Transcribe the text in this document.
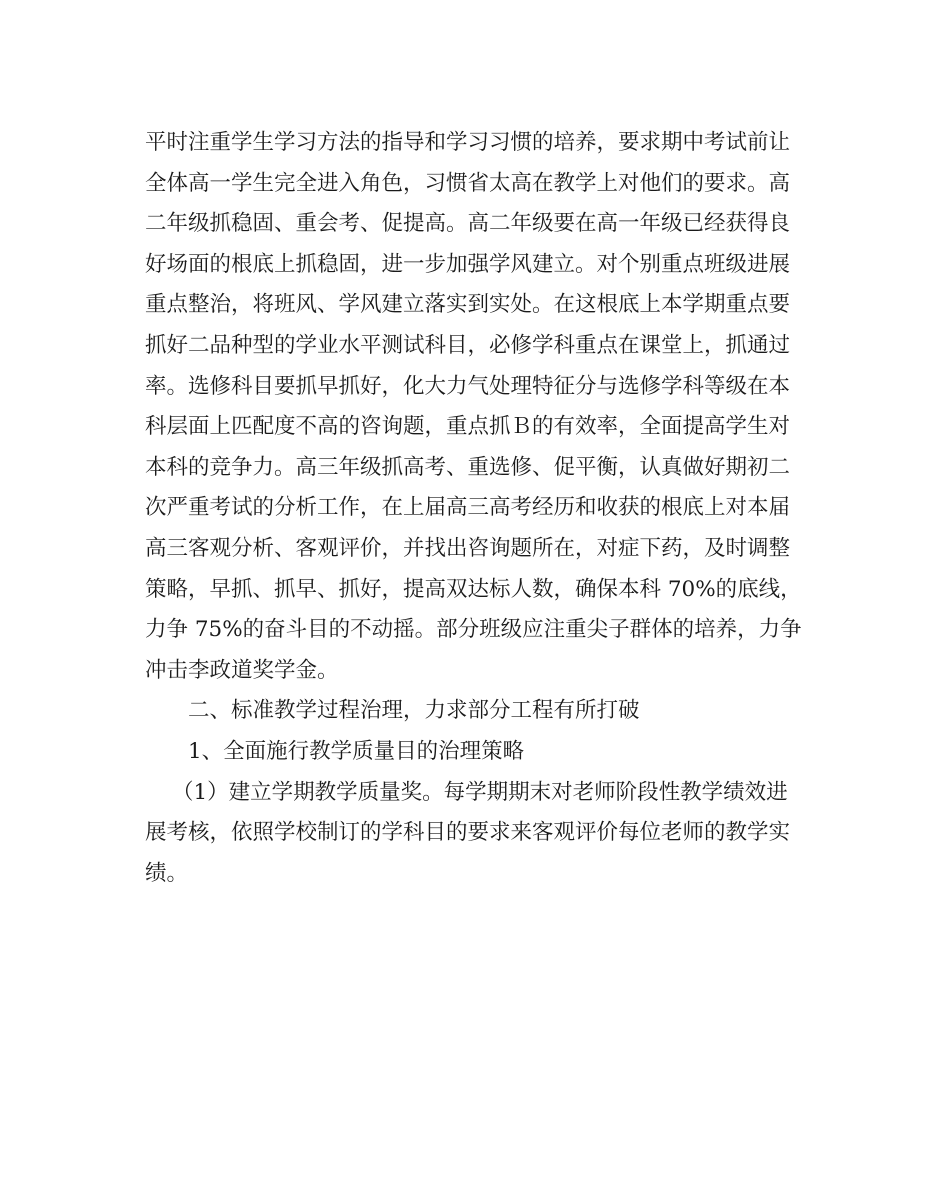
平时注重学生学习方法的指导和学习习惯的培养，要求期中考试前让
全体高一学生完全进入角色，习惯省太高在教学上对他们的要求。高
二年级抓稳固、重会考、促提高。高二年级要在高一年级已经获得良
好场面的根底上抓稳固，进一步加强学风建立。对个别重点班级进展
重点整治，将班风、学风建立落实到实处。在这根底上本学期重点要
抓好二品种型的学业水平测试科目，必修学科重点在课堂上，抓通过
率。选修科目要抓早抓好，化大力气处理特征分与选修学科等级在本
科层面上匹配度不高的咨询题，重点抓Ｂ的有效率，全面提高学生对
本科的竞争力。高三年级抓高考、重选修、促平衡，认真做好期初二
次严重考试的分析工作，在上届高三高考经历和收获的根底上对本届
高三客观分析、客观评价，并找出咨询题所在，对症下药，及时调整
策略，早抓、抓早、抓好，提高双达标人数，确保本科 70%的底线，
力争 75%的奋斗目的不动摇。部分班级应注重尖子群体的培养，力争
冲击李政道奖学金。
二、标准教学过程治理，力求部分工程有所打破
1、全面施行教学质量目的治理策略
（1）建立学期教学质量奖。每学期期末对老师阶段性教学绩效进
展考核，依照学校制订的学科目的要求来客观评价每位老师的教学实
绩。
